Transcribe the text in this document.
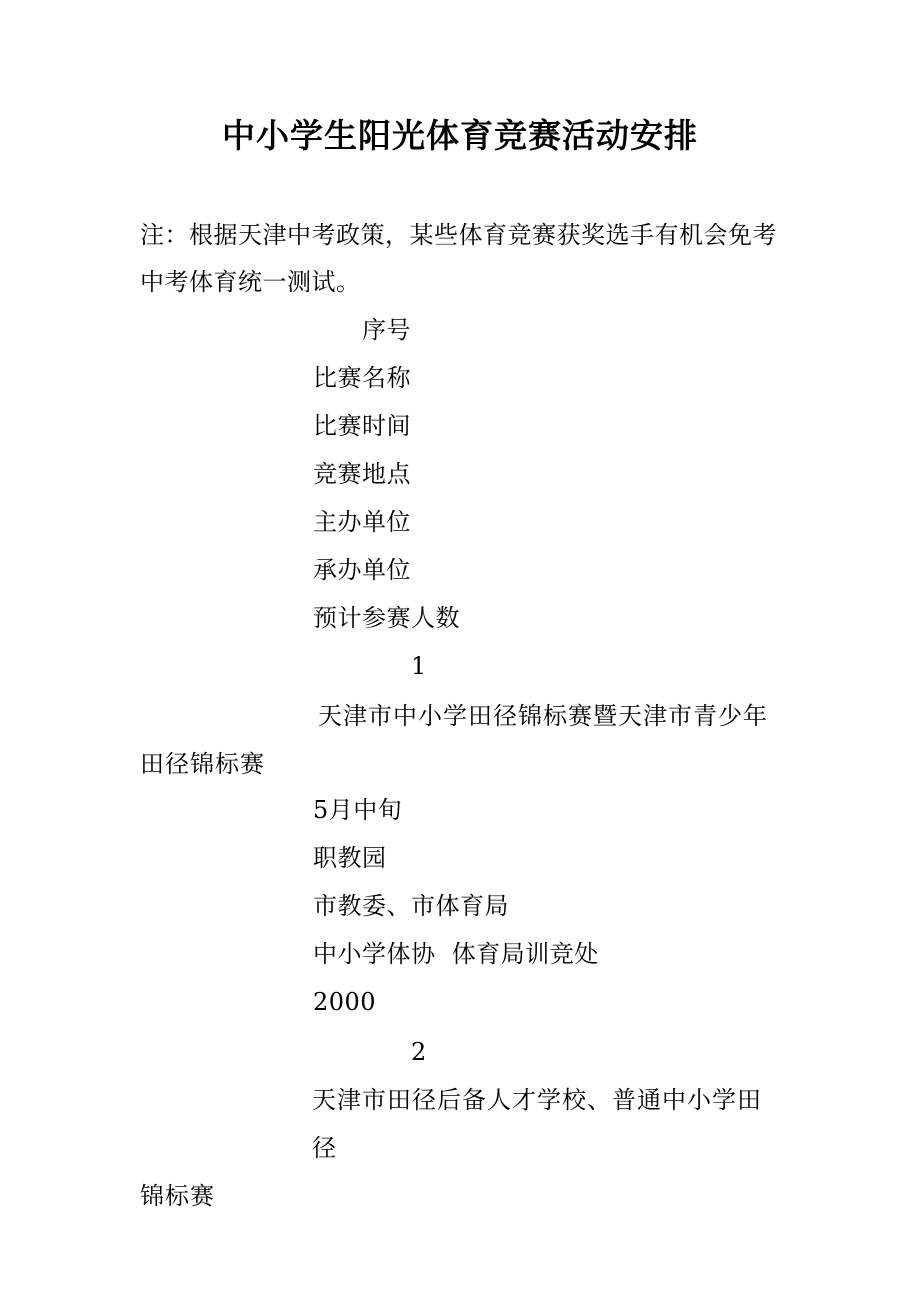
中小学生阳光体育竞赛活动安排
注：根据天津中考政策，某些体育竞赛获奖选手有机会免考中考体育统一测试。
序号
比赛名称
比赛时间
竞赛地点
主办单位
承办单位
预计参赛人数
1

天津市中小学田径锦标赛暨天津市青少年

田径锦标赛

5月中旬
职教园
市教委、市体育局
中小学体协  体育局训竞处
2000
2

天津市田径后备人才学校、普通中小学田径

锦标赛
